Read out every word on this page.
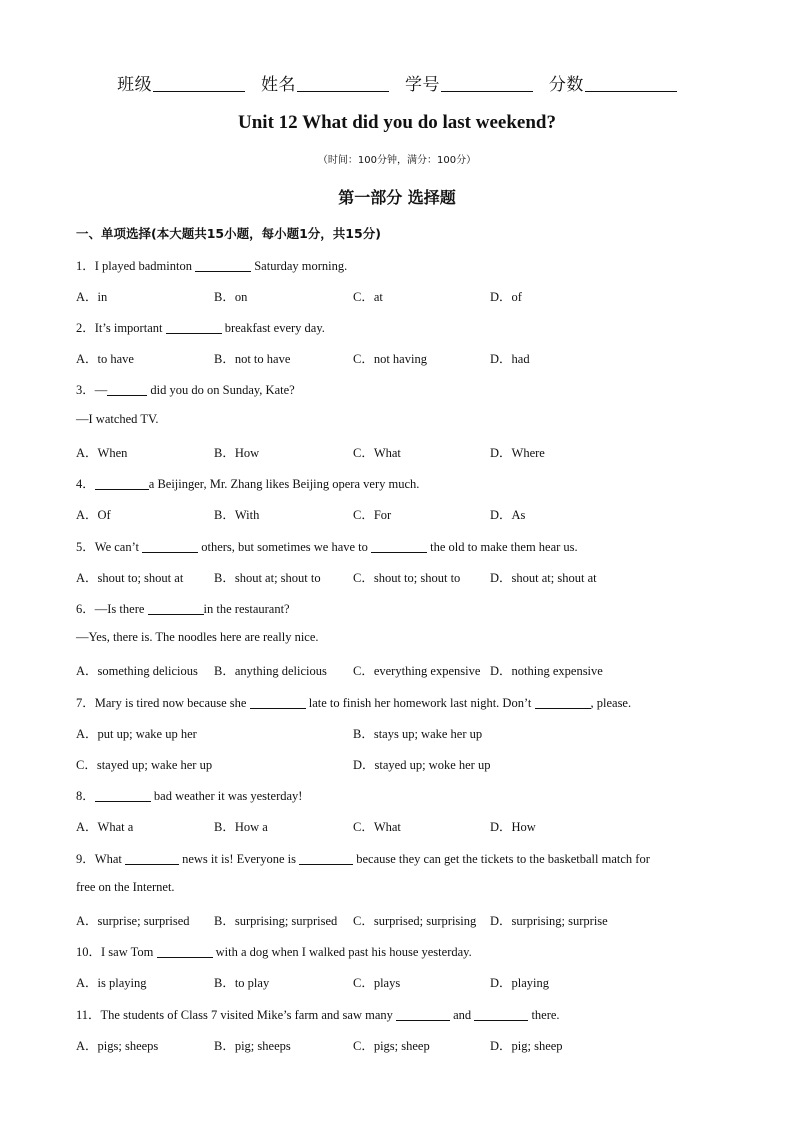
班级	姓名	学号	分数
Unit 12 What did you do last weekend?
（时间：100分钟，满分：100分）
第一部分 选择题
一、单项选择(本大题共15小题，每小题1分，共15分)
1．I played badminton	Saturday morning.
A．in	B．on	C．at	D．of
2．It’s important	breakfast every day.
A．to have	B．not to have	C．not having	D．had
3．—	did you do on Sunday, Kate?
—I watched TV.
A．When	B．How	C．What	D．Where
4．	a Beijinger, Mr. Zhang likes Beijing opera very much.
A．Of	B．With	C．For	D．As
5．We can’t	others, but sometimes we have to	the old to make them hear us.
A．shout to; shout at B．shout at; shout to	C．shout to; shout to D．shout at; shout at
6．—Is there	in the restaurant?
—Yes, there is. The noodles here are really nice.
A．something delicious B．anything delicious C．everything expensive D．nothing expensive
7．Mary is tired now because she	late to finish her homework last night. Don’t	, please.
A．put up; wake up her	B．stays up; wake her up
C．stayed up; wake her up	D．stayed up; woke her up
8．	bad weather it was yesterday!
A．What a	B．How a	C．What	D．How
9．What	news it is! Everyone is	because they can get the tickets to the basketball match for
free on the Internet.
A．surprise; surprised B．surprising; surprised C．surprised; surprising D．surprising; surprise
10．I saw Tom	with a dog when I walked past his house yesterday.
A．is playing	B．to play	C．plays	D．playing
11．The students of Class 7 visited Mike’s farm and saw many	and	there.
A．pigs; sheeps	B．pig; sheeps	C．pigs; sheep	D．pig; sheep
